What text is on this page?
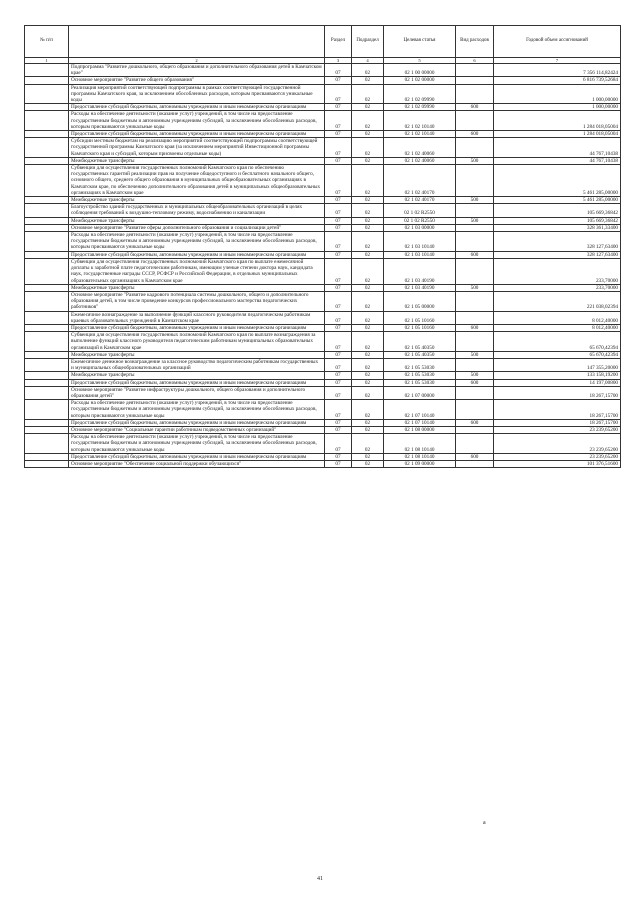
№ п/п		Раздел	Подраздел	Целевая статья	Вид расходов	Годовой объем ассигнований
1	2	3	4	5	6	7
	Подпрограмма "Развитие дошкольного, общего образования и дополнительного образования детей в Камчатском крае"	07	02	02 1 00 00000		7 356 114,82424
	Основное мероприятие "Развитие общего образования"	07	02	02 1 02 00000		6 816 739,52684
	Реализация мероприятий соответствующей подпрограммы в рамках соответствующей государственной программы Камчатского края, за исключением обособленных расходов, которым присваиваются уникальные коды	07	02	02 1 02 09990		1 000,00000
	Предоставление субсидий бюджетным, автономным учреждениям и иным некоммерческим организациям	07	02	02 1 02 09990	600	1 000,00000
	Расходы на обеспечение деятельности (оказание услуг) учреждений, в том числе на предоставление государственным бюджетным и автономным учреждениям субсидий, за исключением обособленных расходов, которым присваиваются уникальные коды	07	02	02 1 02 10140		1 284 018,05004
	Предоставление субсидий бюджетным, автономным учреждениям и иным некоммерческим организациям	07	02	02 1 02 10140	600	1 284 018,05004
	Субсидии местным бюджетам на реализацию мероприятий соответствующей подпрограммы соответствующей государственной программы Камчатского края (за исключением мероприятий Инвестиционной программы Камчатского края и субсидий, которым присвоены отдельные коды)	07	02	02 1 02 40060		44 767,10438
	Межбюджетные трансферты	07	02	02 1 02 40060	500	44 767,10438
	Субвенции для осуществления государственных полномочий Камчатского края по обеспечению государственных гарантий реализации прав на получение общедоступного и бесплатного начального общего, основного общего, среднего общего образования в муниципальных общеобразовательных организациях в Камчатском крае, по обеспечению дополнительного образования детей в муниципальных общеобразовательных организациях в Камчатском крае	07	02	02 1 02 40170		5 461 285,00000
	Межбюджетные трансферты	07	02	02 1 02 40170	500	5 461 285,00000
	Благоустройство зданий государственных и муниципальных общеобразовательных организаций в целях соблюдения требований к воздушно-тепловому режиму, водоснабжению и канализации	07	02	02 1 02 R2550		105 669,36842
	Межбюджетные трансферты	07	02	02 1 02 R2550	500	105 669,36842
	Основное мероприятие "Развитие сферы дополнительного образования и социализации детей"	07	02	02 1 03 00000		328 361,33400
	Расходы на обеспечение деятельности (оказание услуг) учреждений, в том числе на предоставление государственным бюджетным и автономным учреждениям субсидий, за исключением обособленных расходов, которым присваиваются уникальные коды	07	02	02 1 03 10140		328 127,63400
	Предоставление субсидий бюджетным, автономным учреждениям и иным некоммерческим организациям	07	02	02 1 03 10140	600	328 127,63400
	Субвенции для осуществления государственных полномочий Камчатского края по выплате ежемесячной доплаты к заработной плате педагогическим работникам, имеющим ученые степени доктора наук, кандидата наук, государственные награды СССР, РСФСР и Российской Федерации, в отдельных муниципальных образовательных организациях в Камчатском крае	07	02	02 1 03 40190		233,70000
	Межбюджетные трансферты	07	02	02 1 03 40190	500	233,70000
	Основное мероприятие "Развитие кадрового потенциала системы дошкольного, общего и дополнительного образования детей, в том числе проведение конкурсов профессионального мастерства педагогических работников"	07	02	02 1 05 00000		221 038,02394
	Ежемесячное вознаграждение за выполнение функций классного руководителя педагогическим работникам краевых образовательных учреждений в Камчатском крае	07	02	02 1 05 10160		8 012,40000
	Предоставление субсидий бюджетным, автономным учреждениям и иным некоммерческим организациям	07	02	02 1 05 10160	600	8 012,40000
	Субвенции для осуществления государственных полномочий Камчатского края по выплате вознаграждения за выполнение функций классного руководителя педагогическим работникам муниципальных образовательных организаций в Камчатском крае	07	02	02 1 05 40350		65 670,42394
	Межбюджетные трансферты	07	02	02 1 05 40350	500	65 670,42394
	Ежемесячное денежное вознаграждение за классное руководство педагогическим работникам государственных и муниципальных общеобразовательных организаций	07	02	02 1 05 53030		147 355,20000
	Межбюджетные трансферты	07	02	02 1 05 53030	500	133 158,19200
	Предоставление субсидий бюджетным, автономным учреждениям и иным некоммерческим организациям	07	02	02 1 05 53030	600	14 197,00800
	Основное мероприятие "Развитие инфраструктуры дошкольного, общего образования и дополнительного образования детей"	07	02	02 1 07 00000		18 267,15700
	Расходы на обеспечение деятельности (оказание услуг) учреждений, в том числе на предоставление государственным бюджетным и автономным учреждениям субсидий, за исключением обособленных расходов, которым присваиваются уникальные коды	07	02	02 1 07 10140		18 267,15700
	Предоставление субсидий бюджетным, автономным учреждениям и иным некоммерческим организациям	07	02	02 1 07 10140	600	18 267,15700
	Основное мероприятие "Социальные гарантии работникам подведомственных организаций"	07	02	02 1 08 00000		23 239,65200
	Расходы на обеспечение деятельности (оказание услуг) учреждений, в том числе на предоставление государственным бюджетным и автономным учреждениям субсидий, за исключением обособленных расходов, которым присваиваются уникальные коды	07	02	02 1 08 10140		23 239,65200
	Предоставление субсидий бюджетным, автономным учреждениям и иным некоммерческим организациям	07	02	02 1 08 10140	600	23 239,65200
	Основное мероприятие "Обеспечение социальной поддержки обучающихся"	07	02	02 1 09 00000		101 376,51600
a
41
